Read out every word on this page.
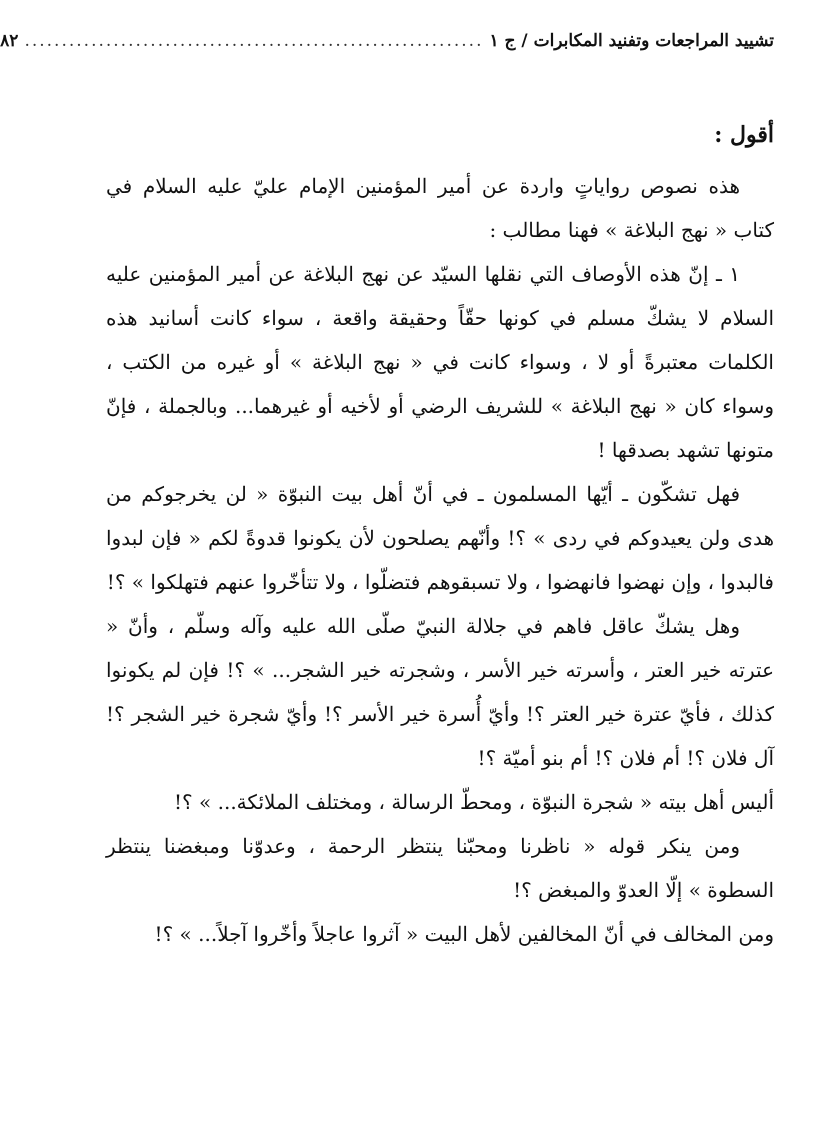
تشييد المراجعات وتفنيد المكابرات / ج ١
..............................................................
٨٢
أقول :

هذه نصوص رواياتٍ واردة عن أمير المؤمنين الإمام عليّ عليه السلام في كتاب « نهج البلاغة » فهنا مطالب :

١ ـ إنّ هذه الأوصاف التي نقلها السيّد عن نهج البلاغة عن أمير المؤمنين عليه السلام لا يشكّ مسلم في كونها حقّاً وحقيقة واقعة ، سواء كانت أسانيد هذه الكلمات معتبرةً أو لا ، وسواء كانت في « نهج البلاغة » أو غيره من الكتب ، وسواء كان « نهج البلاغة » للشريف الرضي أو لأخيه أو غيرهما... وبالجملة ، فإنّ متونها تشهد بصدقها !

فهل تشكّون ـ أيّها المسلمون ـ في أنّ أهل بيت النبوّة « لن يخرجوكم من هدى ولن يعيدوكم في ردى » ؟! وأنّهم يصلحون لأن يكونوا قدوةً لكم « فإن لبدوا فالبدوا ، وإن نهضوا فانهضوا ، ولا تسبقوهم فتضلّوا ، ولا تتأخّروا عنهم فتهلكوا » ؟!

وهل يشكّ عاقل فاهم في جلالة النبيّ صلّى الله عليه وآله وسلّم ، وأنّ « عترته خير العتر ، وأسرته خير الأسر ، وشجرته خير الشجر... » ؟! فإن لم يكونوا كذلك ، فأيّ عترة خير العتر ؟! وأيّ أُسرة خير الأسر ؟! وأيّ شجرة خير الشجر ؟! آل فلان ؟! أم فلان ؟! أم بنو أميّة ؟!

أليس أهل بيته « شجرة النبوّة ، ومحطّ الرسالة ، ومختلف الملائكة... » ؟!

ومن ينكر قوله « ناظرنا ومحبّنا ينتظر الرحمة ، وعدوّنا ومبغضنا ينتظر السطوة » إلّا العدوّ والمبغض ؟!

ومن المخالف في أنّ المخالفين لأهل البيت « آثروا عاجلاً وأخّروا آجلاً... » ؟!
